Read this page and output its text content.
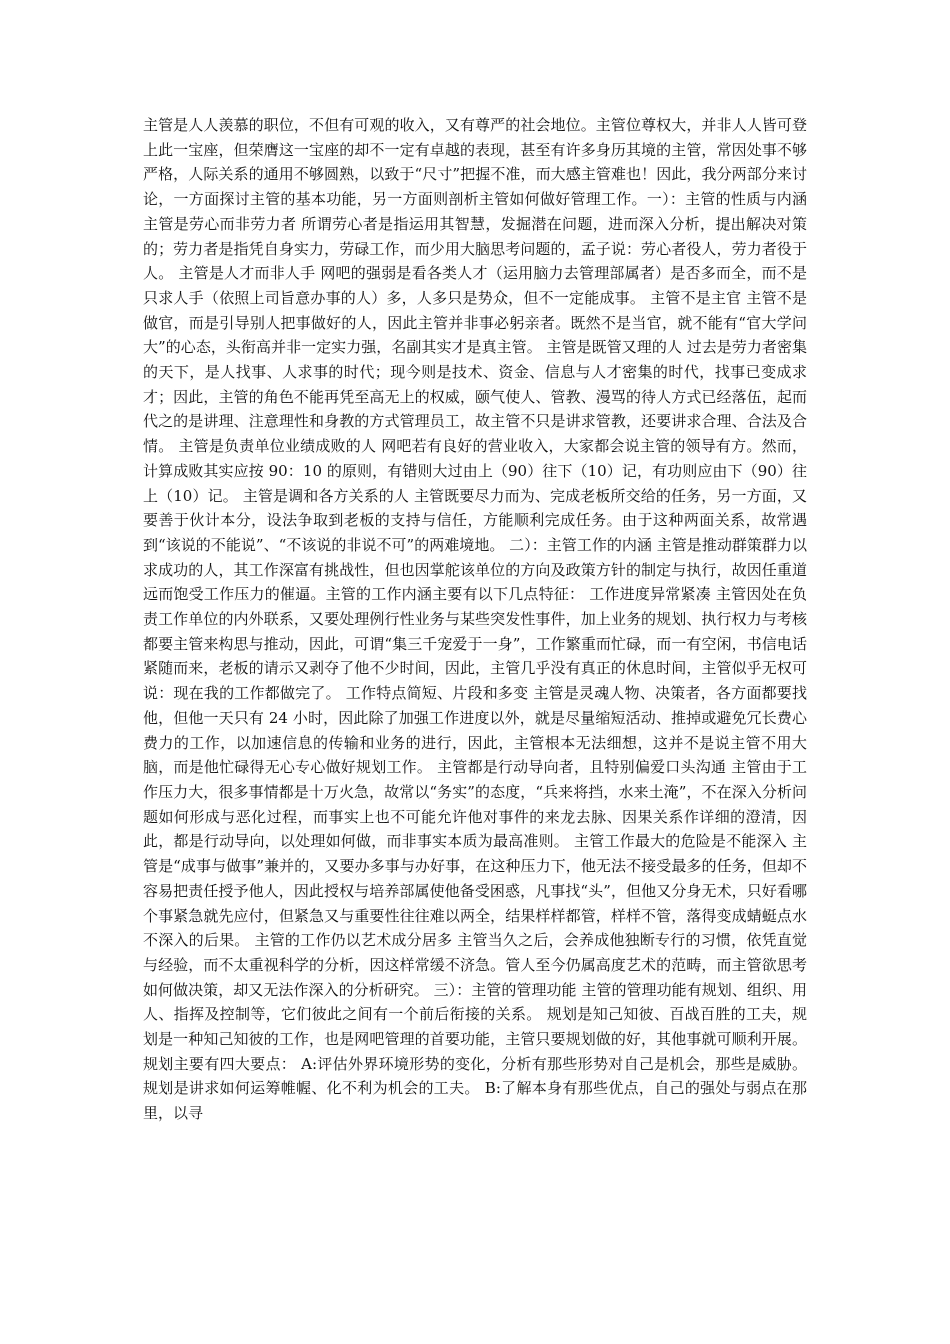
主管是人人羡慕的职位，不但有可观的收入，又有尊严的社会地位。主管位尊权大，并非人人皆可登上此一宝座，但荣膺这一宝座的却不一定有卓越的表现，甚至有许多身历其境的主管，常因处事不够严格，人际关系的通用不够圆熟，以致于“尺寸”把握不准，而大感主管难也！因此，我分两部分来讨论，一方面探讨主管的基本功能，另一方面则剖析主管如何做好管理工作。一）：主管的性质与内涵 主管是劳心而非劳力者 所谓劳心者是指运用其智慧，发掘潜在问题，进而深入分析，提出解决对策的；劳力者是指凭自身实力，劳碌工作，而少用大脑思考问题的，孟子说：劳心者役人，劳力者役于人。 主管是人才而非人手 网吧的强弱是看各类人才（运用脑力去管理部属者）是否多而全，而不是只求人手（依照上司旨意办事的人）多，人多只是势众，但不一定能成事。 主管不是主官 主管不是做官，而是引导别人把事做好的人，因此主管并非事必躬亲者。既然不是当官，就不能有“官大学问大”的心态，头衔高并非一定实力强，名副其实才是真主管。 主管是既管又理的人 过去是劳力者密集的天下，是人找事、人求事的时代；现今则是技术、资金、信息与人才密集的时代，找事已变成求才；因此，主管的角色不能再凭至高无上的权威，颐气使人、管教、漫骂的待人方式已经落伍，起而代之的是讲理、注意理性和身教的方式管理员工，故主管不只是讲求管教，还要讲求合理、合法及合情。 主管是负责单位业绩成败的人 网吧若有良好的营业收入，大家都会说主管的领导有方。然而，计算成败其实应按 90：10 的原则，有错则大过由上（90）往下（10）记，有功则应由下（90）往上（10）记。 主管是调和各方关系的人 主管既要尽力而为、完成老板所交给的任务，另一方面，又要善于伙计本分，设法争取到老板的支持与信任，方能顺利完成任务。由于这种两面关系，故常遇到“该说的不能说”、“不该说的非说不可”的两难境地。 二）：主管工作的内涵 主管是推动群策群力以求成功的人，其工作深富有挑战性，但也因掌舵该单位的方向及政策方针的制定与执行，故因任重道远而饱受工作压力的催逼。主管的工作内涵主要有以下几点特征： 工作进度异常紧凑 主管因处在负责工作单位的内外联系，又要处理例行性业务与某些突发性事件，加上业务的规划、执行权力与考核都要主管来构思与推动，因此，可谓“集三千宠爱于一身”，工作繁重而忙碌，而一有空闲，书信电话紧随而来，老板的请示又剥夺了他不少时间，因此，主管几乎没有真正的休息时间，主管似乎无权可说：现在我的工作都做完了。 工作特点简短、片段和多变 主管是灵魂人物、决策者，各方面都要找他，但他一天只有 24 小时，因此除了加强工作进度以外，就是尽量缩短活动、推掉或避免冗长费心费力的工作，以加速信息的传输和业务的进行，因此，主管根本无法细想，这并不是说主管不用大脑，而是他忙碌得无心专心做好规划工作。 主管都是行动导向者，且特别偏爱口头沟通 主管由于工作压力大，很多事情都是十万火急，故常以“务实”的态度，“兵来将挡，水来土淹”，不在深入分析问题如何形成与恶化过程，而事实上也不可能允许他对事件的来龙去脉、因果关系作详细的澄清，因此，都是行动导向，以处理如何做，而非事实本质为最高准则。 主管工作最大的危险是不能深入 主管是“成事与做事”兼并的，又要办多事与办好事，在这种压力下，他无法不接受最多的任务，但却不容易把责任授予他人，因此授权与培养部属使他备受困惑，凡事找“头”，但他又分身无术，只好看哪个事紧急就先应付，但紧急又与重要性往往难以两全，结果样样都管，样样不管，落得变成蜻蜓点水不深入的后果。 主管的工作仍以艺术成分居多 主管当久之后，会养成他独断专行的习惯，依凭直觉与经验，而不太重视科学的分析，因这样常缓不济急。管人至今仍属高度艺术的范畴，而主管欲思考如何做决策，却又无法作深入的分析研究。 三）：主管的管理功能 主管的管理功能有规划、组织、用人、指挥及控制等，它们彼此之间有一个前后衔接的关系。 规划是知己知彼、百战百胜的工夫，规划是一种知己知彼的工作，也是网吧管理的首要功能，主管只要规划做的好，其他事就可顺利开展。规划主要有四大要点： A:评估外界环境形势的变化，分析有那些形势对自己是机会，那些是威胁。规划是讲求如何运筹帷幄、化不利为机会的工夫。 B:了解本身有那些优点，自己的强处与弱点在那里，以寻
